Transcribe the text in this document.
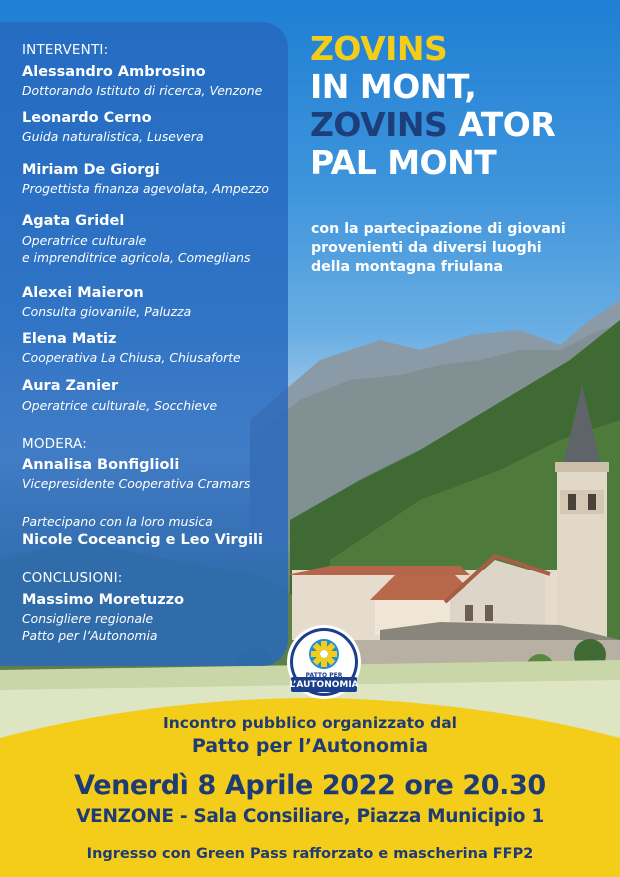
INTERVENTI:
Alessandro Ambrosino
Dottorando Istituto di ricerca, Venzone
Leonardo Cerno
Guida naturalistica, Lusevera
Miriam De Giorgi
Progettista finanza agevolata, Ampezzo
Agata Gridel
Operatrice culturale
e imprenditrice agricola, Comeglians
Alexei Maieron
Consulta giovanile, Paluzza
Elena Matiz
Cooperativa La Chiusa, Chiusaforte
Aura Zanier
Operatrice culturale, Socchieve
MODERA:
Annalisa Bonfiglioli
Vicepresidente Cooperativa Cramars
Partecipano con la loro musica
Nicole Coceancig e Leo Virgili
CONCLUSIONI:
Massimo Moretuzzo
Consigliere regionale
Patto per l’Autonomia
ZOVINS
IN MONT,
ZOVINS ATOR
PAL MONT
con la partecipazione di giovani
provenienti da diversi luoghi
della montagna friulana
Incontro pubblico organizzato dal
Patto per l’Autonomia
Venerdì 8 Aprile 2022 ore 20.30
VENZONE - Sala Consiliare, Piazza Municipio 1
Ingresso con Green Pass rafforzato e mascherina FFP2
PATTO PER
L’AUTONOMIA
